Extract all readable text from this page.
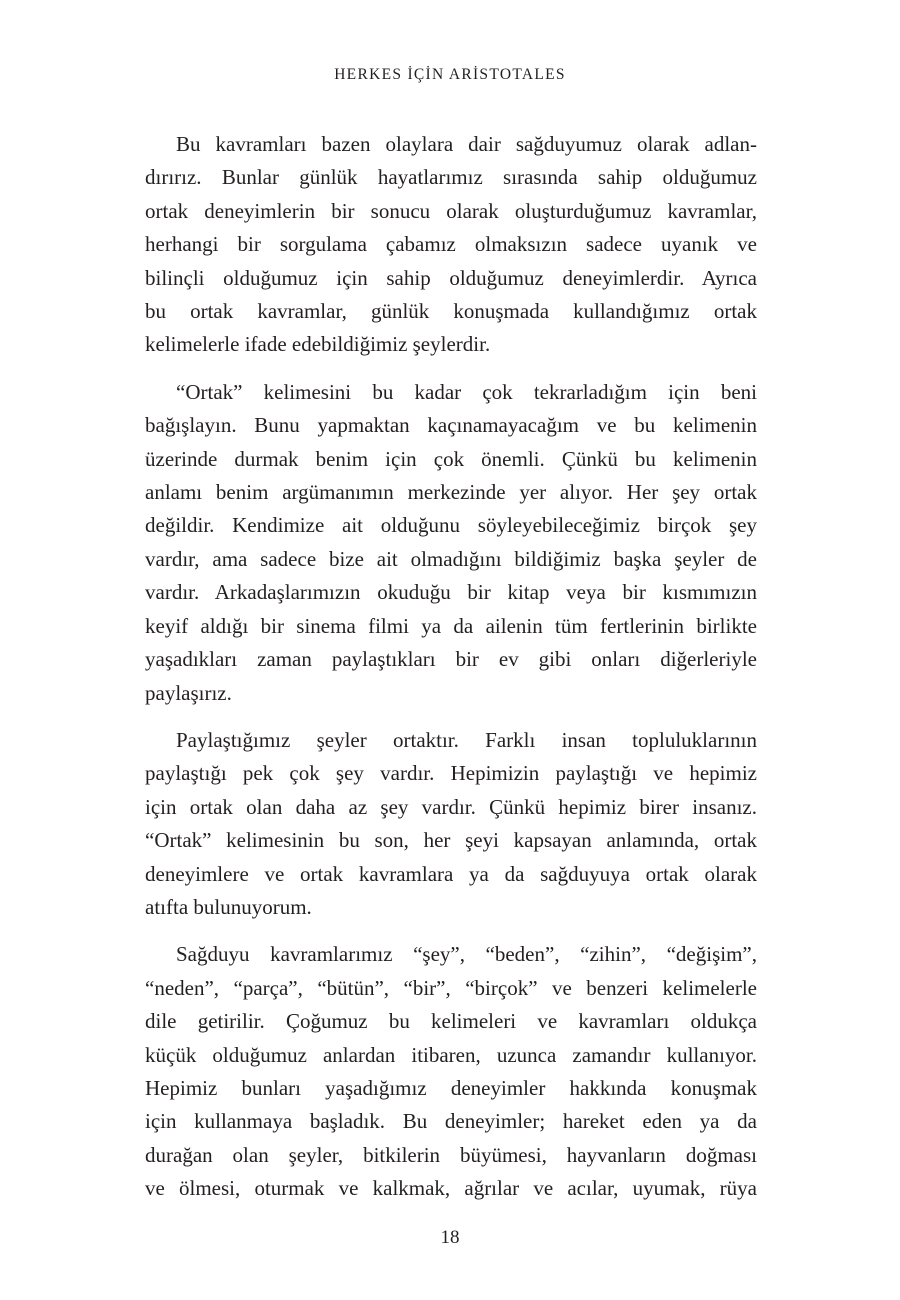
HERKES İÇİN ARİSTOTALES

Bu kavramları bazen olaylara dair sağduyumuz olarak adlan-
dırırız. Bunlar günlük hayatlarımız sırasında sahip olduğumuz
ortak deneyimlerin bir sonucu olarak oluşturduğumuz kavramlar,
herhangi bir sorgulama çabamız olmaksızın sadece uyanık ve
bilinçli olduğumuz için sahip olduğumuz deneyimlerdir. Ayrıca
bu ortak kavramlar, günlük konuşmada kullandığımız ortak
kelimelerle ifade edebildiğimiz şeylerdir.

“Ortak” kelimesini bu kadar çok tekrarladığım için beni
bağışlayın. Bunu yapmaktan kaçınamayacağım ve bu kelimenin
üzerinde durmak benim için çok önemli. Çünkü bu kelimenin
anlamı benim argümanımın merkezinde yer alıyor. Her şey ortak
değildir. Kendimize ait olduğunu söyleyebileceğimiz birçok şey
vardır, ama sadece bize ait olmadığını bildiğimiz başka şeyler de
vardır. Arkadaşlarımızın okuduğu bir kitap veya bir kısmımızın
keyif aldığı bir sinema filmi ya da ailenin tüm fertlerinin birlikte
yaşadıkları zaman paylaştıkları bir ev gibi onları diğerleriyle
paylaşırız.

Paylaştığımız şeyler ortaktır. Farklı insan topluluklarının
paylaştığı pek çok şey vardır. Hepimizin paylaştığı ve hepimiz
için ortak olan daha az şey vardır. Çünkü hepimiz birer insanız.
“Ortak” kelimesinin bu son, her şeyi kapsayan anlamında, ortak
deneyimlere ve ortak kavramlara ya da sağduyuya ortak olarak
atıfta bulunuyorum.

Sağduyu kavramlarımız “şey”, “beden”, “zihin”, “değişim”,
“neden”, “parça”, “bütün”, “bir”, “birçok” ve benzeri kelimelerle
dile getirilir. Çoğumuz bu kelimeleri ve kavramları oldukça
küçük olduğumuz anlardan itibaren, uzunca zamandır kullanıyor.
Hepimiz bunları yaşadığımız deneyimler hakkında konuşmak
için kullanmaya başladık. Bu deneyimler; hareket eden ya da
durağan olan şeyler, bitkilerin büyümesi, hayvanların doğması
ve ölmesi, oturmak ve kalkmak, ağrılar ve acılar, uyumak, rüya

18
